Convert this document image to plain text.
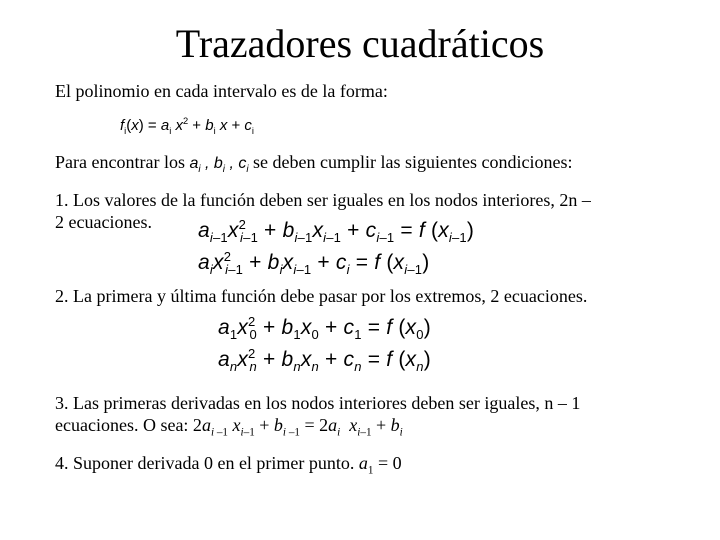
Trazadores cuadráticos
El polinomio en cada intervalo es de la forma:
$f_i(x) = a_i$ $x^2 + b_i$ $x + c_i$
Para encontrar los $a_i$ , $b_i$ , $c_i$ se deben cumplir las siguientes condiciones:
1. Los valores de la función deben ser iguales en los nodos interiores, 2n –
2 ecuaciones. $a_{i-1}x^2_{i-1} + b_{i-1}x_{i-1} + c_{i-1} = f$ $(x_{i-1})$
$a_ix^2_{i-1} + b_ix_{i-1} + c_i = f$ $(x_{i-1})$
2. La primera y última función debe pasar por los extremos, 2 ecuaciones.
$a_1x^2_0 + b_1x_0 + c_1 = f$ $(x_0)$
$a_nx^2_n + b_nx_n + c_n = f$ $(x_n)$
3. Las primeras derivadas en los nodos interiores deben ser iguales, n – 1
ecuaciones. O sea: $2a_{i -1}$ $x_{i-1} + b_{i -1} = 2a_i$ $x_{i-1} + b_i$
4. Suponer derivada 0 en el primer punto. $a_1 = 0$
